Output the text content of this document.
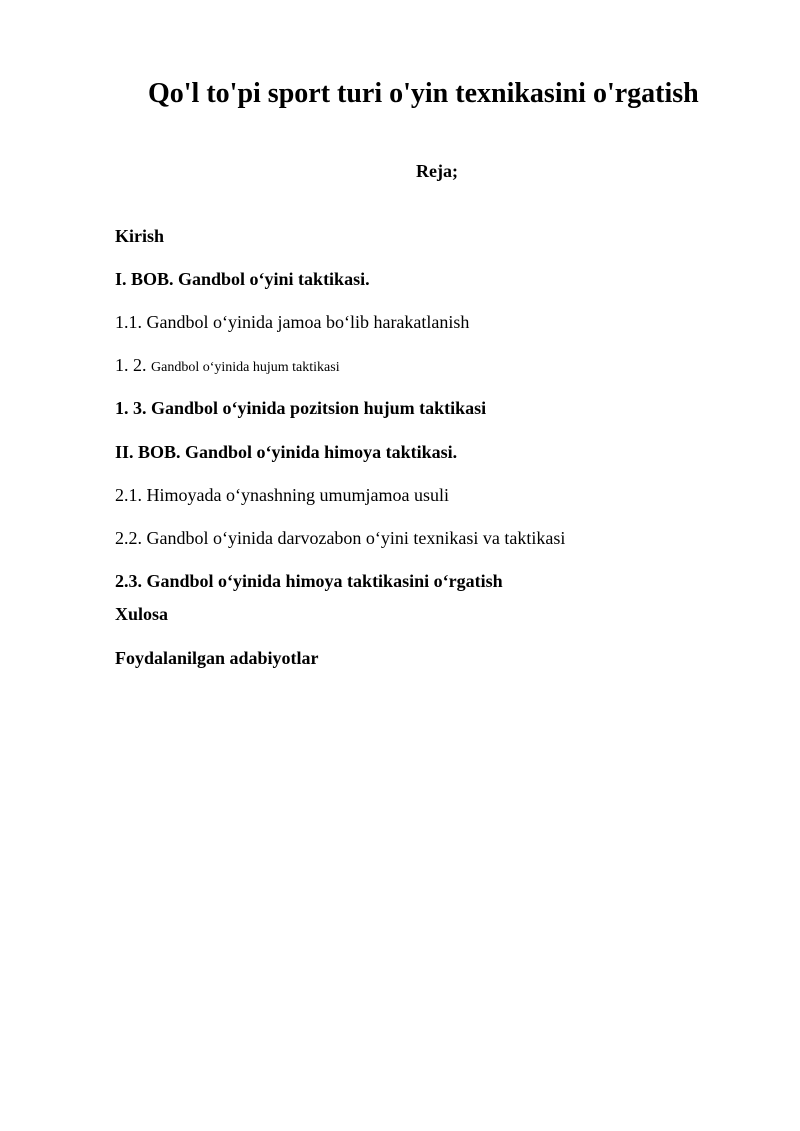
Qo'l to'pi sport turi o'yin texnikasini o'rgatish
Reja;
Kirish
I. BOB. Gandbol o‘yini taktikasi.
1.1. Gandbol o‘yinida jamoa bo‘lib harakatlanish
1. 2. Gandbol o‘yinida hujum taktikasi
1. 3. Gandbol o‘yinida pozitsion hujum taktikasi
II. BOB. Gandbol o‘yinida himoya taktikasi.
2.1. Himoyada o‘ynashning umumjamoa usuli
2.2. Gandbol o‘yinida darvozabon o‘yini texnikasi va taktikasi
2.3. Gandbol o‘yinida himoya taktikasini o‘rgatish
Xulosa
Foydalanilgan adabiyotlar
